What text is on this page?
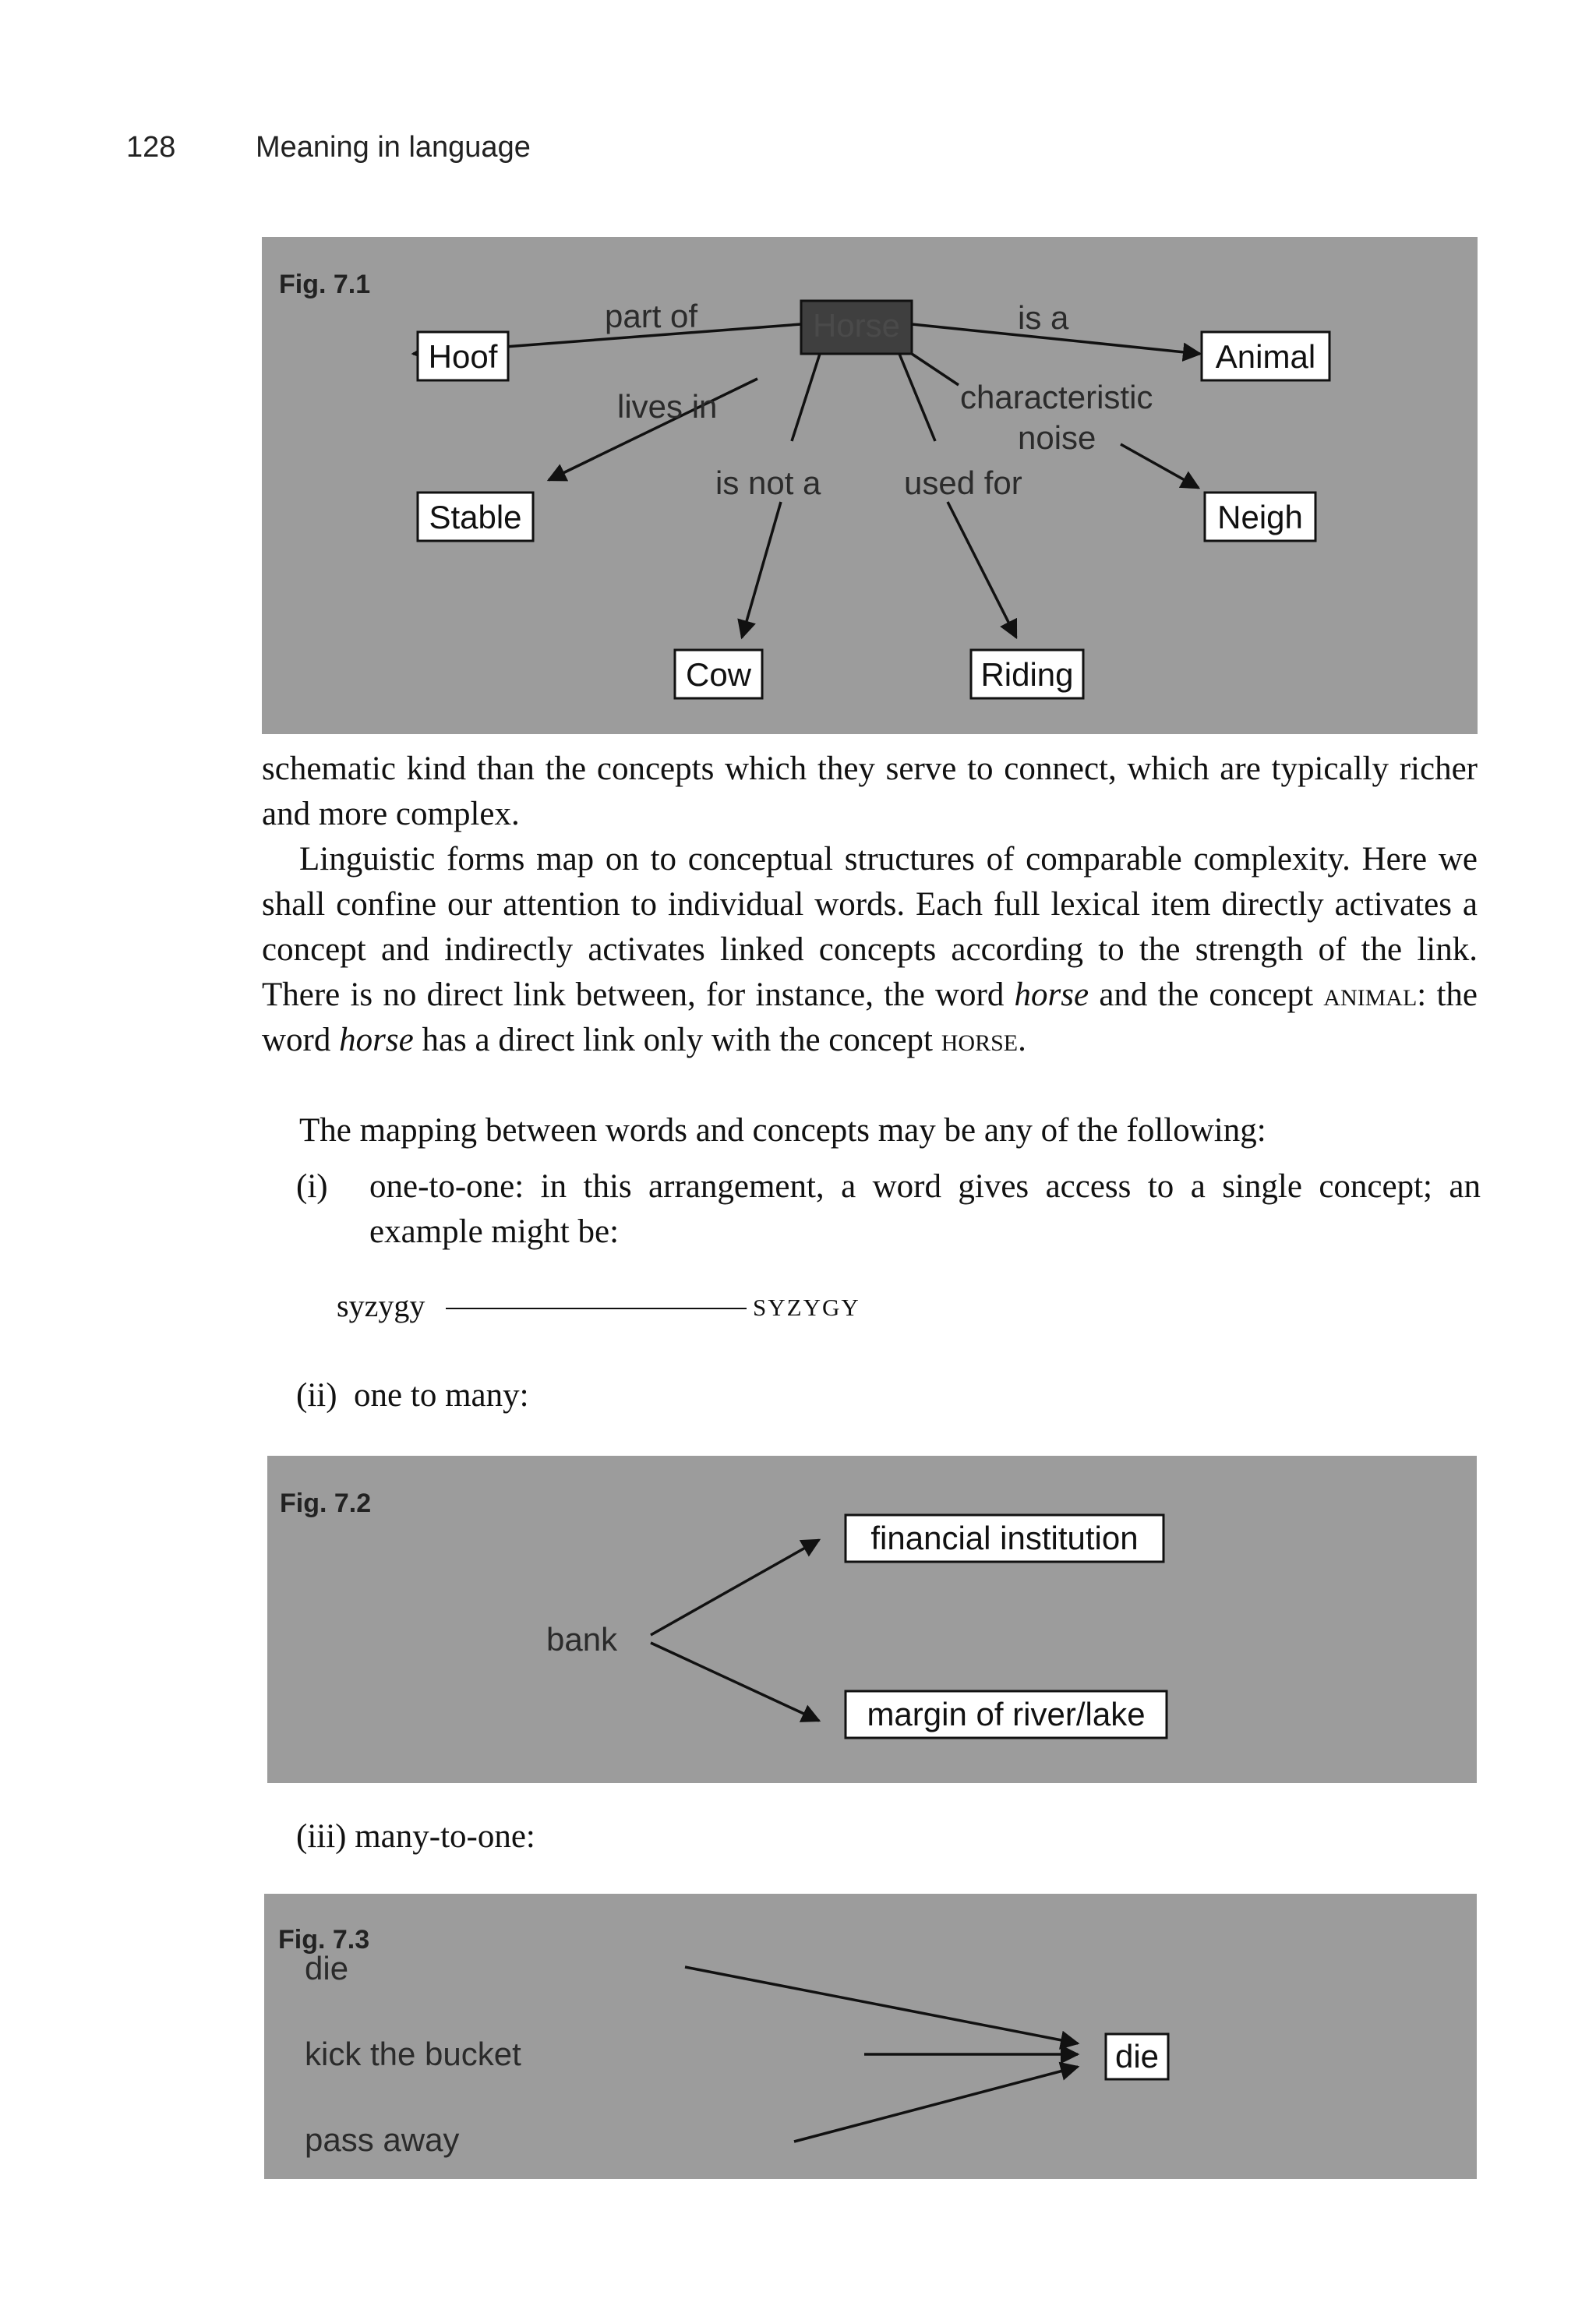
128	Meaning in language
Fig. 7.1
Horse
part of	is a
lives in	characteristic
noise
is not a	used for
Hoof	Animal
Stable	Neigh
Cow	Riding
schematic kind than the concepts which they serve to connect, which are typically richer and more complex.
Linguistic forms map on to conceptual structures of comparable complexity. Here we shall confine our attention to individual words. Each full lexical item directly activates a concept and indirectly activates linked concepts according to the strength of the link. There is no direct link between, for instance, the word horse and the concept animal: the word horse has a direct link only with the concept horse.
The mapping between words and concepts may be any of the following:
(i) one-to-one: in this arrangement, a word gives access to a single concept; an example might be:
syzygy	SYZYGY
(ii)  one to many:
Fig. 7.2
bank
financial institution
margin of river/lake
(iii) many-to-one:
Fig. 7.3
die
kick the bucket
pass away
die
